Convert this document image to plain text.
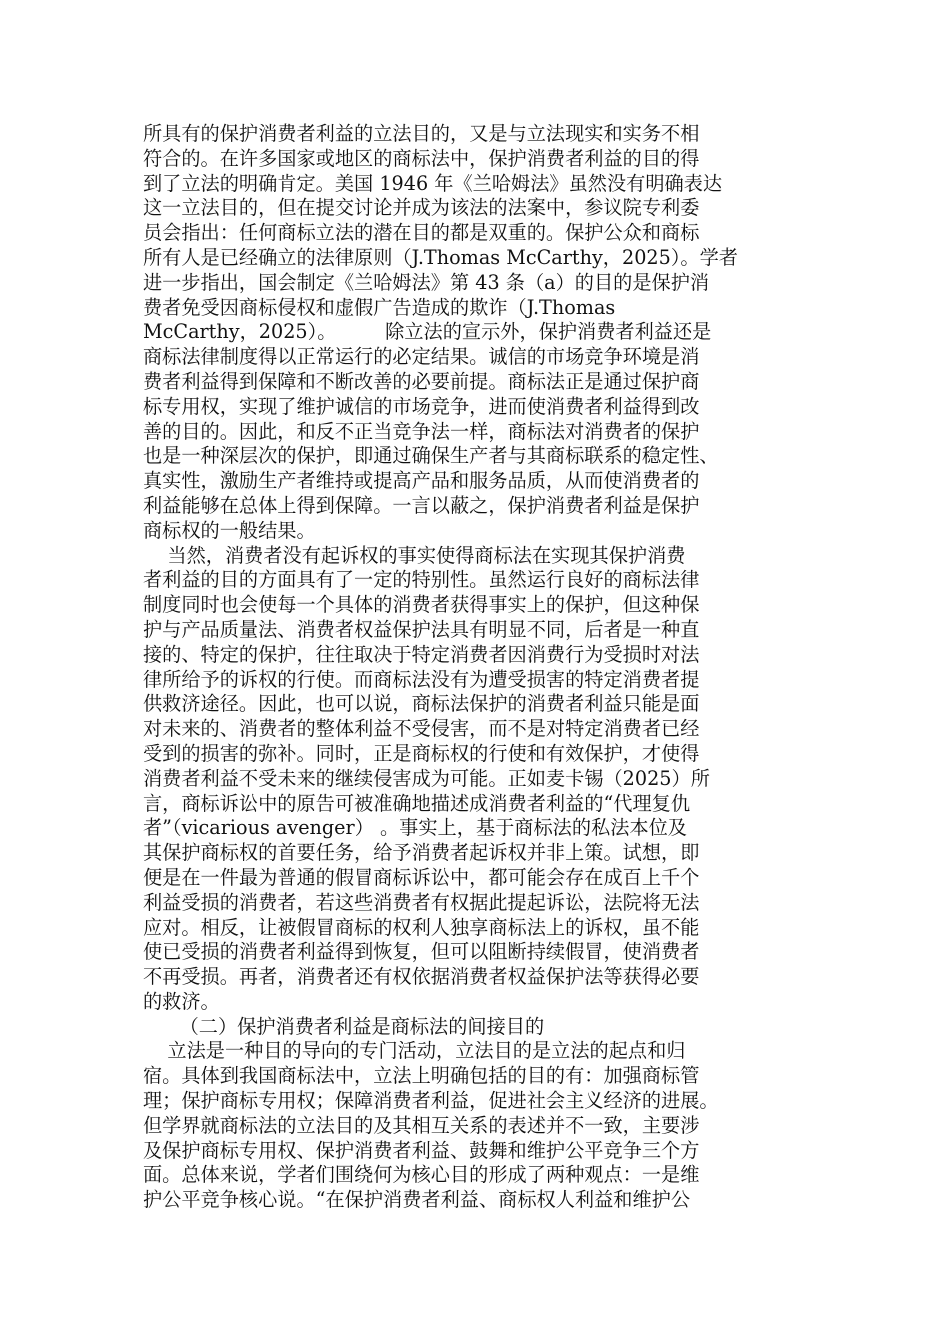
所具有的保护消费者利益的立法目的，又是与立法现实和实务不相
符合的。在许多国家或地区的商标法中，保护消费者利益的目的得
到了立法的明确肯定。美国 1946 年《兰哈姆法》虽然没有明确表达
这一立法目的，但在提交讨论并成为该法的法案中，参议院专利委
员会指出：任何商标立法的潜在目的都是双重的。保护公众和商标
所有人是已经确立的法律原则（J.Thomas McCarthy，2025）。学者
进一步指出，国会制定《兰哈姆法》第 43 条（a）的目的是保护消
费者免受因商标侵权和虚假广告造成的欺诈（J.Thomas
McCarthy，2025）。        除立法的宣示外，保护消费者利益还是
商标法律制度得以正常运行的必定结果。诚信的市场竞争环境是消
费者利益得到保障和不断改善的必要前提。商标法正是通过保护商
标专用权，实现了维护诚信的市场竞争，进而使消费者利益得到改
善的目的。因此，和反不正当竞争法一样，商标法对消费者的保护
也是一种深层次的保护，即通过确保生产者与其商标联系的稳定性、
真实性，激励生产者维持或提高产品和服务品质，从而使消费者的
利益能够在总体上得到保障。一言以蔽之，保护消费者利益是保护
商标权的一般结果。
当然，消费者没有起诉权的事实使得商标法在实现其保护消费
者利益的目的方面具有了一定的特别性。虽然运行良好的商标法律
制度同时也会使每一个具体的消费者获得事实上的保护，但这种保
护与产品质量法、消费者权益保护法具有明显不同，后者是一种直
接的、特定的保护，往往取决于特定消费者因消费行为受损时对法
律所给予的诉权的行使。而商标法没有为遭受损害的特定消费者提
供救济途径。因此，也可以说，商标法保护的消费者利益只能是面
对未来的、消费者的整体利益不受侵害，而不是对特定消费者已经
受到的损害的弥补。同时，正是商标权的行使和有效保护，才使得
消费者利益不受未来的继续侵害成为可能。正如麦卡锡（2025）所
言，商标诉讼中的原告可被准确地描述成消费者利益的“代理复仇
者”（vicarious avenger） 。事实上，基于商标法的私法本位及
其保护商标权的首要任务，给予消费者起诉权并非上策。试想，即
便是在一件最为普通的假冒商标诉讼中，都可能会存在成百上千个
利益受损的消费者，若这些消费者有权据此提起诉讼，法院将无法
应对。相反，让被假冒商标的权利人独享商标法上的诉权，虽不能
使已受损的消费者利益得到恢复，但可以阻断持续假冒，使消费者
不再受损。再者，消费者还有权依据消费者权益保护法等获得必要
的救济。
（二）保护消费者利益是商标法的间接目的
立法是一种目的导向的专门活动，立法目的是立法的起点和归
宿。具体到我国商标法中，立法上明确包括的目的有：加强商标管
理；保护商标专用权；保障消费者利益，促进社会主义经济的进展。
但学界就商标法的立法目的及其相互关系的表述并不一致，主要涉
及保护商标专用权、保护消费者利益、鼓舞和维护公平竞争三个方
面。总体来说，学者们围绕何为核心目的形成了两种观点：一是维
护公平竞争核心说。“在保护消费者利益、商标权人利益和维护公
